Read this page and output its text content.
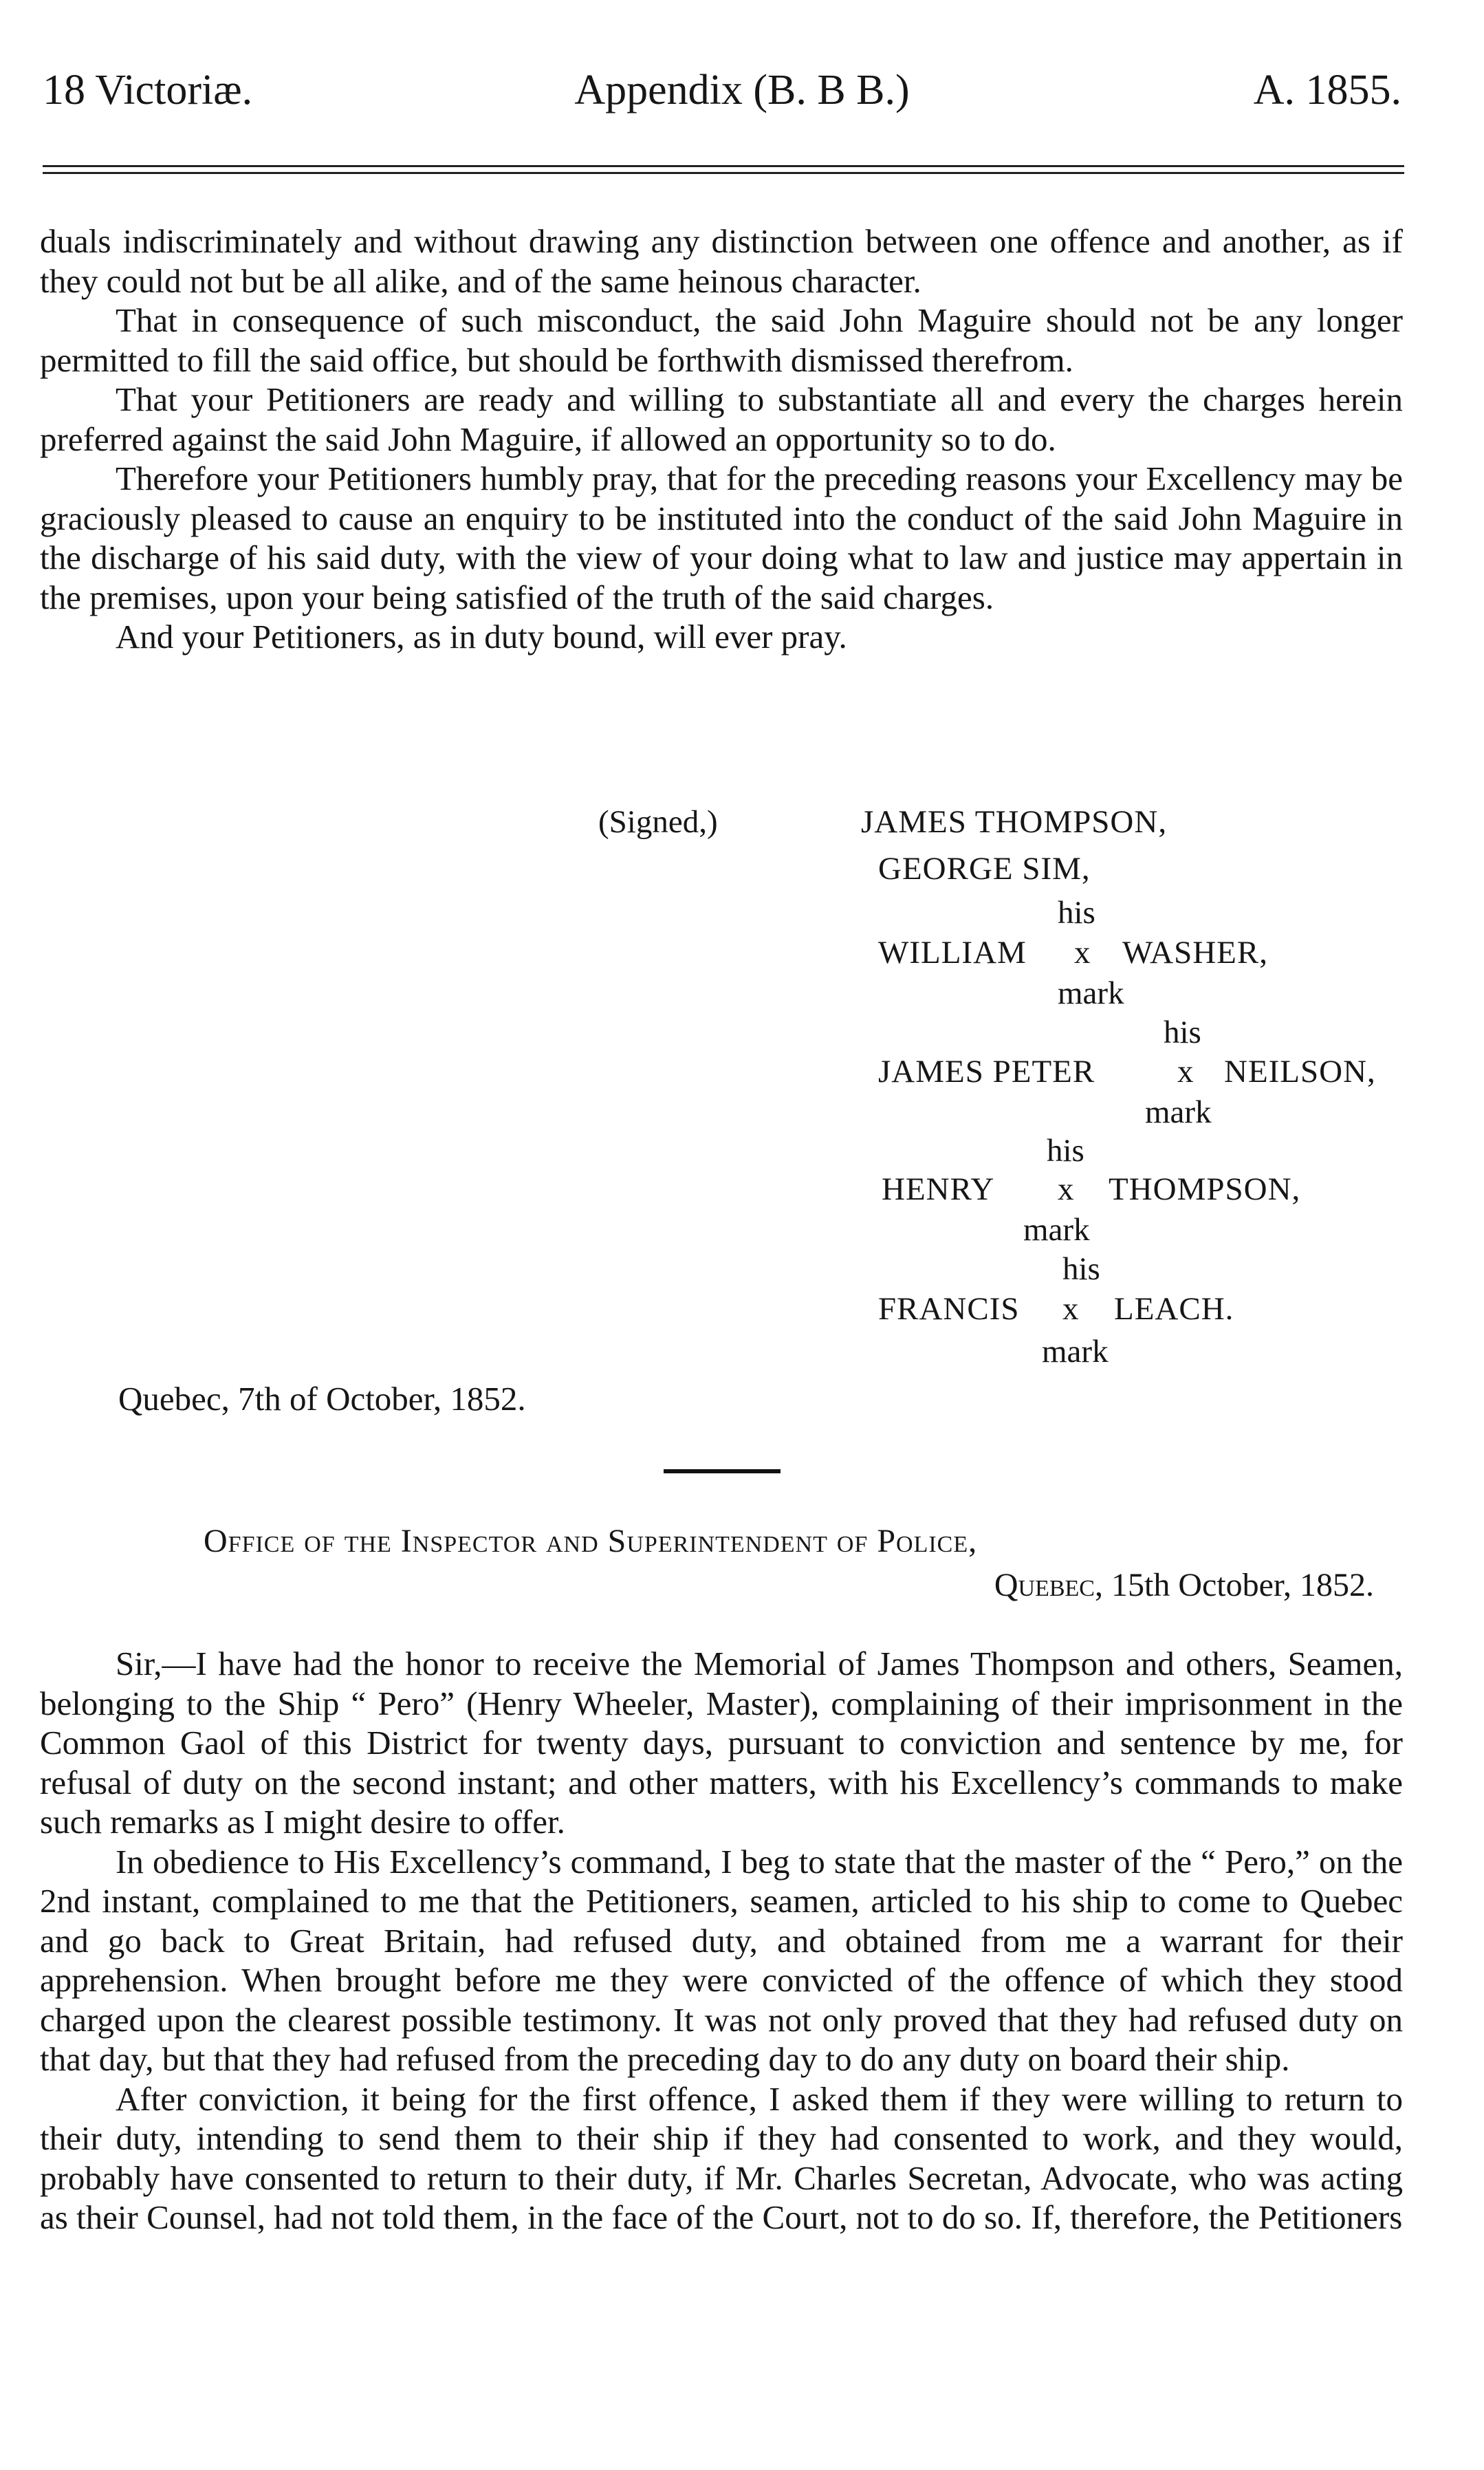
18 Victoriæ.	Appendix (B. B B.)	A. 1855.

duals indiscriminately and without drawing any distinction between one offence and another, as if they could not but be all alike, and of the same heinous character.

That in consequence of such misconduct, the said John Maguire should not be any longer permitted to fill the said office, but should be forthwith dismissed therefrom.

That your Petitioners are ready and willing to substantiate all and every the charges herein preferred against the said John Maguire, if allowed an opportunity so to do.

Therefore your Petitioners humbly pray, that for the preceding reasons your Excellency may be graciously pleased to cause an enquiry to be instituted into the conduct of the said John Maguire in the discharge of his said duty, with the view of your doing what to law and justice may appertain in the premises, upon your being satisfied of the truth of the said charges.

And your Petitioners, as in duty bound, will ever pray.

(Signed,)	JAMES THOMPSON,
GEORGE SIM,
his
WILLIAM x WASHER,
mark
his
JAMES PETER	x NEILSON,
mark
his
HENRY x THOMPSON,
mark
his
FRANCIS x LEACH.
mark
Quebec, 7th of October, 1852.
Office of the Inspector and Superintendent of Police,
Quebec, 15th October, 1852.

Sir,—I have had the honor to receive the Memorial of James Thompson and others, Seamen, belonging to the Ship “ Pero” (Henry Wheeler, Master), complaining of their imprisonment in the Common Gaol of this District for twenty days, pursuant to conviction and sentence by me, for refusal of duty on the second instant; and other matters, with his Excellency’s commands to make such remarks as I might desire to offer.

In obedience to His Excellency’s command, I beg to state that the master of the “ Pero,” on the 2nd instant, complained to me that the Petitioners, seamen, articled to his ship to come to Quebec and go back to Great Britain, had refused duty, and obtained from me a warrant for their apprehension. When brought before me they were convicted of the offence of which they stood charged upon the clearest possible testimony. It was not only proved that they had refused duty on that day, but that they had refused from the preceding day to do any duty on board their ship.

After conviction, it being for the first offence, I asked them if they were willing to return to their duty, intending to send them to their ship if they had consented to work, and they would, probably have consented to return to their duty, if Mr. Charles Secretan, Advocate, who was acting as their Counsel, had not told them, in the face of the Court, not to do so. If, therefore, the Petitioners
